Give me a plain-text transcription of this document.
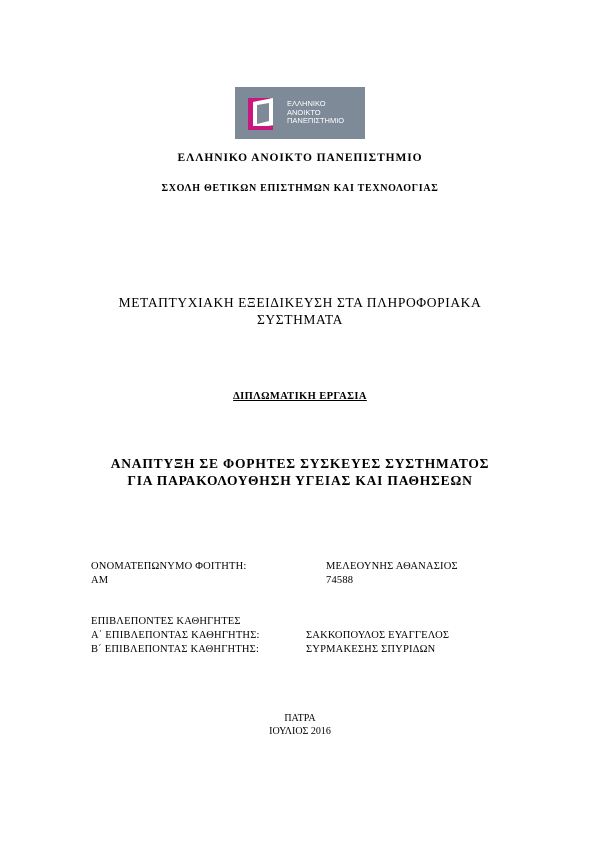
ΕΛΛΗΝΙΚΟ
ΑΝΟΙΚΤΟ
ΠΑΝΕΠΙΣΤΗΜΙΟ
ΕΛΛΗΝΙΚΟ ΑΝΟΙΚΤΟ ΠΑΝΕΠΙΣΤΗΜΙΟ
ΣΧΟΛΗ ΘΕΤΙΚΩΝ ΕΠΙΣΤΗΜΩΝ ΚΑΙ ΤΕΧΝΟΛΟΓΙΑΣ
ΜΕΤΑΠΤΥΧΙΑΚΗ ΕΞΕΙΔΙΚΕΥΣΗ ΣΤΑ ΠΛΗΡΟΦΟΡΙΑΚΑ
ΣΥΣΤΗΜΑΤΑ
ΔΙΠΛΩΜΑΤΙΚΗ ΕΡΓΑΣΙΑ
ΑΝΑΠΤΥΞΗ ΣΕ ΦΟΡΗΤΕΣ ΣΥΣΚΕΥΕΣ ΣΥΣΤΗΜΑΤΟΣ
ΓΙΑ ΠΑΡΑΚΟΛΟΥΘΗΣΗ ΥΓΕΙΑΣ ΚΑΙ ΠΑΘΗΣΕΩΝ
ΟΝΟΜΑΤΕΠΩΝΥΜΟ ΦΟΙΤΗΤΗ:	ΜΕΛΕΟΥΝΗΣ ΑΘΑΝΑΣΙΟΣ
ΑΜ	74588
ΕΠΙΒΛΕΠΟΝΤΕΣ ΚΑΘΗΓΗΤΕΣ
Α΄ ΕΠΙΒΛΕΠΟΝΤΑΣ ΚΑΘΗΓΗΤΗΣ:	ΣΑΚΚΟΠΟΥΛΟΣ ΕΥΑΓΓΕΛΟΣ
Β΄ ΕΠΙΒΛΕΠΟΝΤΑΣ ΚΑΘΗΓΗΤΗΣ:	ΣΥΡΜΑΚΕΣΗΣ ΣΠΥΡΙΔΩΝ
ΠΑΤΡΑ
ΙΟΥΛΙΟΣ 2016
